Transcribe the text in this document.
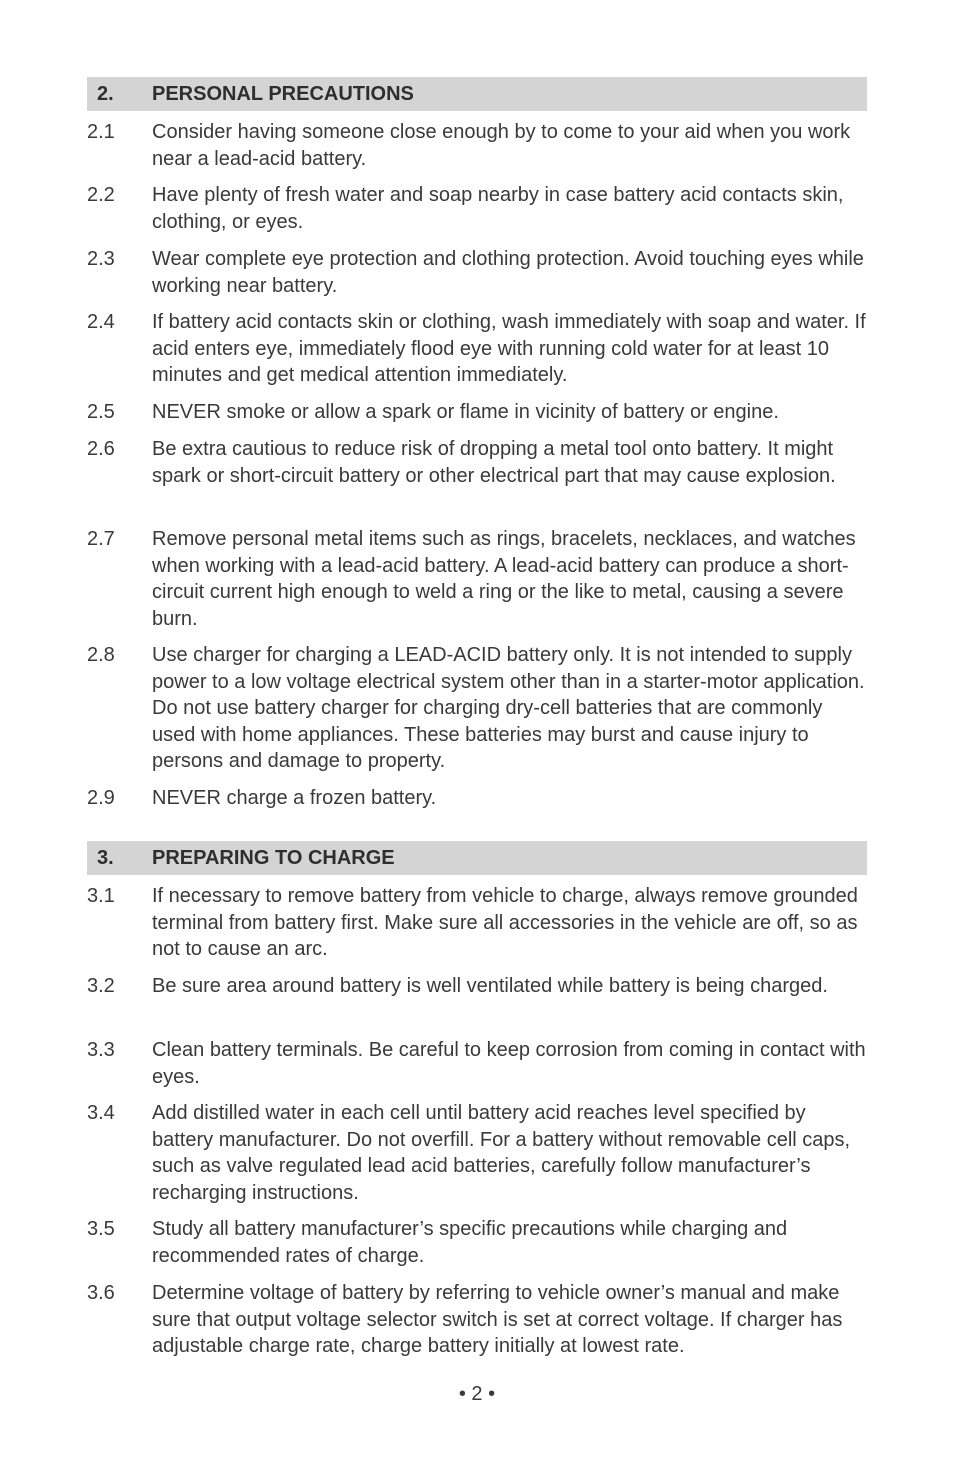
2. PERSONAL PRECAUTIONS
2.1 Consider having someone close enough by to come to your aid when you work near a lead-acid battery.
2.2 Have plenty of fresh water and soap nearby in case battery acid contacts skin, clothing, or eyes.
2.3 Wear complete eye protection and clothing protection. Avoid touching eyes while working near battery.
2.4 If battery acid contacts skin or clothing, wash immediately with soap and water. If acid enters eye, immediately flood eye with running cold water for at least 10 minutes and get medical attention immediately.
2.5 NEVER smoke or allow a spark or flame in vicinity of battery or engine.
2.6 Be extra cautious to reduce risk of dropping a metal tool onto battery. It might spark or short-circuit battery or other electrical part that may cause explosion.
2.7 Remove personal metal items such as rings, bracelets, necklaces, and watches when working with a lead-acid battery. A lead-acid battery can produce a short-circuit current high enough to weld a ring or the like to metal, causing a severe burn.
2.8 Use charger for charging a LEAD-ACID battery only. It is not intended to supply power to a low voltage electrical system other than in a starter-motor application. Do not use battery charger for charging dry-cell batteries that are commonly used with home appliances. These batteries may burst and cause injury to persons and damage to property.
2.9 NEVER charge a frozen battery.
3. PREPARING TO CHARGE
3.1 If necessary to remove battery from vehicle to charge, always remove grounded terminal from battery first. Make sure all accessories in the vehicle are off, so as not to cause an arc.
3.2 Be sure area around battery is well ventilated while battery is being charged.
3.3 Clean battery terminals. Be careful to keep corrosion from coming in contact with eyes.
3.4 Add distilled water in each cell until battery acid reaches level specified by battery manufacturer. Do not overfill. For a battery without removable cell caps, such as valve regulated lead acid batteries, carefully follow manufacturer’s recharging instructions.
3.5 Study all battery manufacturer’s specific precautions while charging and recommended rates of charge.
3.6 Determine voltage of battery by referring to vehicle owner’s manual and make sure that output voltage selector switch is set at correct voltage. If charger has adjustable charge rate, charge battery initially at lowest rate.
• 2 •
